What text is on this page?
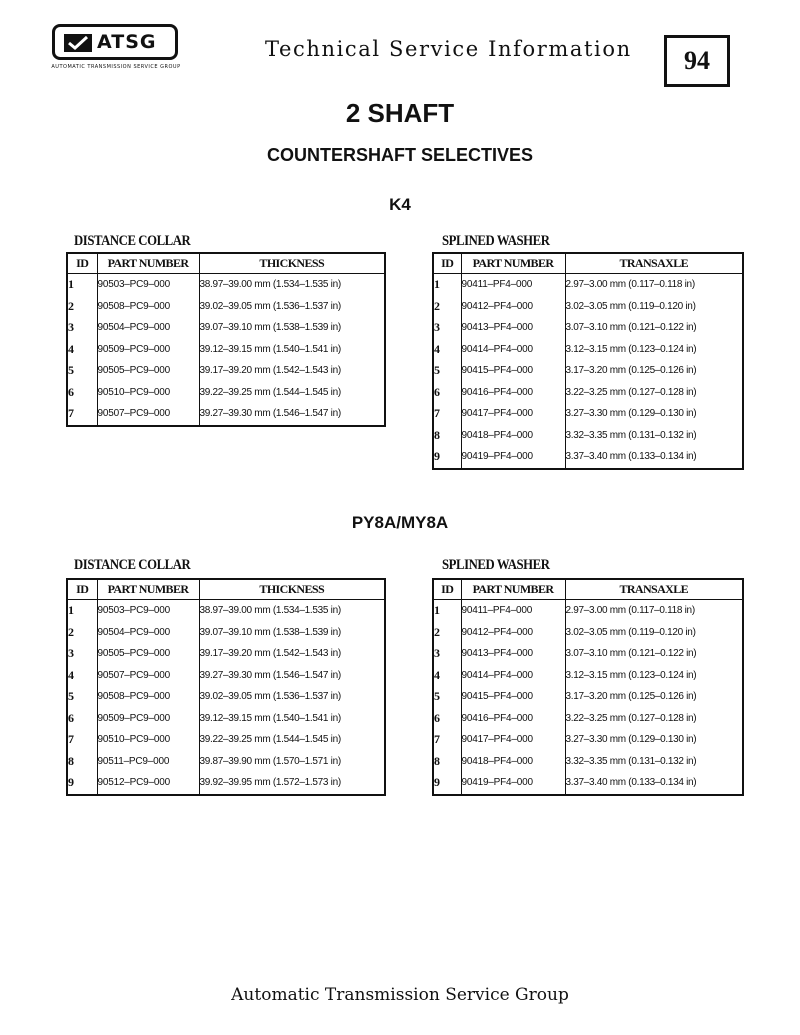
ATSG
AUTOMATIC TRANSMISSION SERVICE GROUP
Technical Service Information	94
2 SHAFT
COUNTERSHAFT SELECTIVES
K4
DISTANCE COLLAR
ID	PART NUMBER	THICKNESS
1	90503–PC9–000	38.97–39.00 mm (1.534–1.535 in)
2	90508–PC9–000	39.02–39.05 mm (1.536–1.537 in)
3	90504–PC9–000	39.07–39.10 mm (1.538–1.539 in)
4	90509–PC9–000	39.12–39.15 mm (1.540–1.541 in)
5	90505–PC9–000	39.17–39.20 mm (1.542–1.543 in)
6	90510–PC9–000	39.22–39.25 mm (1.544–1.545 in)
7	90507–PC9–000	39.27–39.30 mm (1.546–1.547 in)
SPLINED WASHER
ID	PART NUMBER	TRANSAXLE
1	90411–PF4–000	2.97–3.00 mm (0.117–0.118 in)
2	90412–PF4–000	3.02–3.05 mm (0.119–0.120 in)
3	90413–PF4–000	3.07–3.10 mm (0.121–0.122 in)
4	90414–PF4–000	3.12–3.15 mm (0.123–0.124 in)
5	90415–PF4–000	3.17–3.20 mm (0.125–0.126 in)
6	90416–PF4–000	3.22–3.25 mm (0.127–0.128 in)
7	90417–PF4–000	3.27–3.30 mm (0.129–0.130 in)
8	90418–PF4–000	3.32–3.35 mm (0.131–0.132 in)
9	90419–PF4–000	3.37–3.40 mm (0.133–0.134 in)
PY8A/MY8A
DISTANCE COLLAR
ID	PART NUMBER	THICKNESS
1	90503–PC9–000	38.97–39.00 mm (1.534–1.535 in)
2	90504–PC9–000	39.07–39.10 mm (1.538–1.539 in)
3	90505–PC9–000	39.17–39.20 mm (1.542–1.543 in)
4	90507–PC9–000	39.27–39.30 mm (1.546–1.547 in)
5	90508–PC9–000	39.02–39.05 mm (1.536–1.537 in)
6	90509–PC9–000	39.12–39.15 mm (1.540–1.541 in)
7	90510–PC9–000	39.22–39.25 mm (1.544–1.545 in)
8	90511–PC9–000	39.87–39.90 mm (1.570–1.571 in)
9	90512–PC9–000	39.92–39.95 mm (1.572–1.573 in)
SPLINED WASHER
ID	PART NUMBER	TRANSAXLE
1	90411–PF4–000	2.97–3.00 mm (0.117–0.118 in)
2	90412–PF4–000	3.02–3.05 mm (0.119–0.120 in)
3	90413–PF4–000	3.07–3.10 mm (0.121–0.122 in)
4	90414–PF4–000	3.12–3.15 mm (0.123–0.124 in)
5	90415–PF4–000	3.17–3.20 mm (0.125–0.126 in)
6	90416–PF4–000	3.22–3.25 mm (0.127–0.128 in)
7	90417–PF4–000	3.27–3.30 mm (0.129–0.130 in)
8	90418–PF4–000	3.32–3.35 mm (0.131–0.132 in)
9	90419–PF4–000	3.37–3.40 mm (0.133–0.134 in)
Automatic Transmission Service Group
